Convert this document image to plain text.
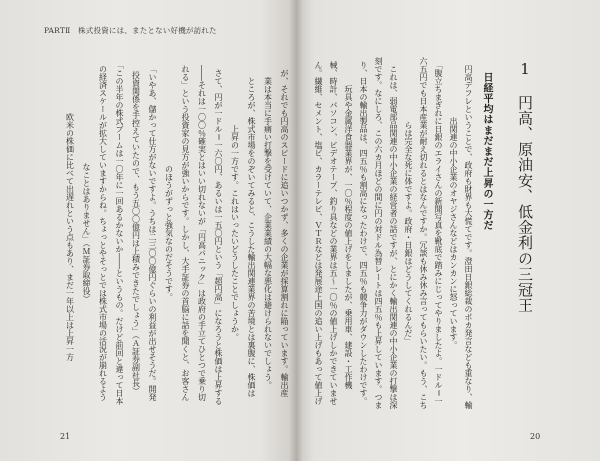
PARTⅡ　株式投資には、またとない好機が訪れた
が、それでも円高のスピードに追いつかず、多くの企業が採算割れに陥っています。輸出産
業は本当に手痛い打撃を受けていて、企業業績の大幅な悪化は避けられないでしょう。
　ところが、株式市場をのぞいてみると、こうした輸出関連業界の苦境とは裏腹に、株価は
上昇の一方です。これはいったいどうしたことでしょうか。
　さて、円が一ドル＝一六〇円、あるいは一五〇円という「超円高」になろうと株価は上昇する
――それは一〇〇％確実とはいい切れないが「円高パニック」は政府の手立てひとつで乗り切
れる」という投資家の見方が強いからです。しかし、大手証券の首脳に話を聞くと、お客さん
のほうがずっと強気なのだそうです。
「いやあ、儲かって仕方がないですよ。うちは二三〇〇億円ぐらいの利益が出せそうだ。開発
投資関係を手控えていたので、もう五〇〇億円は上積みできたでしょう」（Ａ証券副社長）
「この半年の株式ブームは一〇年に一回あるかないか――というもの。だけど前回と違って日本
の経済スケールが拡大していますからね。ちょっとやそっとでは株式市場の活況が崩れるよう
なことはありません」（Ｍ証券取締役）
　欧米の株価に比べて出遅れという点もあり、まだ一年以上は上昇一方
21
1円高、原油安、低金利の三冠王
日経平均はまだまだ上昇の一方だ
　円高デフレということで、政府も財界も大慌てです。澄田日銀総裁のポカ発言なども重なり、輸
出関連の中小企業のオヤジさんなどはカンカンに怒っています。
「腹立ちまぎれに日銀のエライさんの新聞写真を靴底で踏みにじってやりましたよ。一ドル＝一
六五円でも日本産業が耐え切れるとはなんですか。冗談も休み休み言ってもらいたい。もう、こち
らは完全な死に体ですよ。政府・日銀はどうしてくれるんだ」
　これは、弱電部品関連の中小企業の経営者の話ですが、とにかく輸出関連の中小企業の打撃は深
刻です。なにしろ、この六カ月ほどの間に円の対ドル為替レートは四五％も上昇しています。つま
り、日本の輸出製品は、四五％も割高になったわけで、四五％も競争力がダウンしたわけです。
　玩具や金属洋食器業界が、一〇％程度の値上げをしましたが、乗用車、建設・工作機
械、時計、パソコン、ビデオテープ、釣り具などの業界は五〜一〇％の値上げしかできていませ
ん。繊維、セメント、塩ビ、カラーテレビ、ＶＴＲなどは発展途上国の追い上げもあって値上げ
20
